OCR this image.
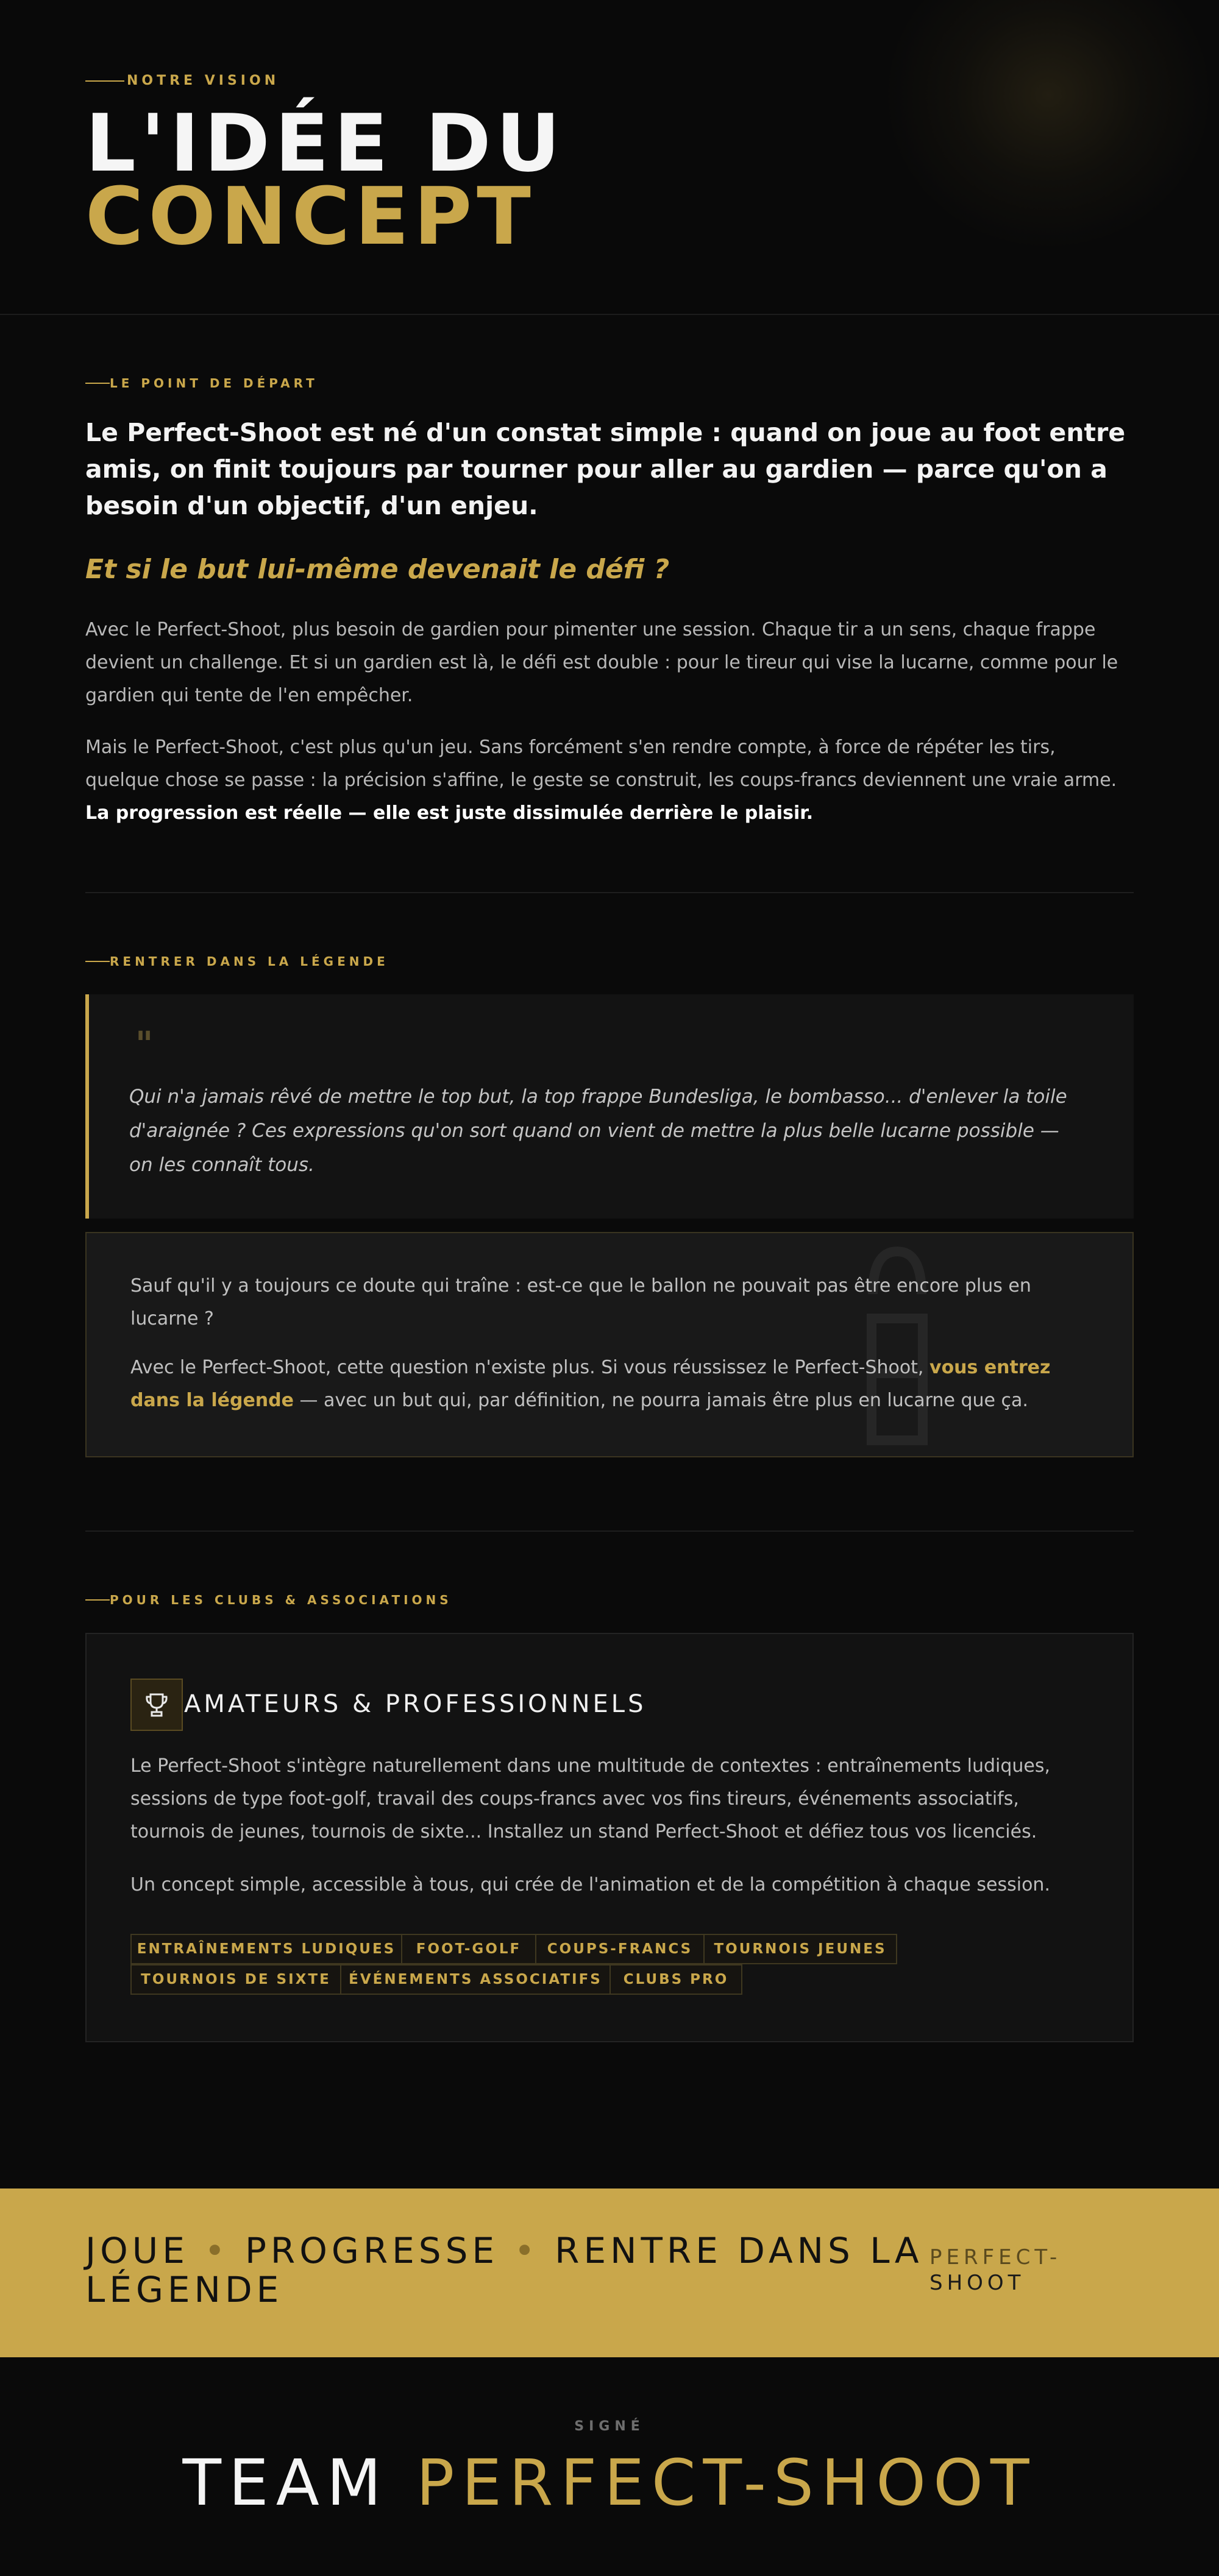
NOTRE VISION
L'IDÉE DU
CONCEPT
LE POINT DE DÉPART
Le Perfect-Shoot est né d'un constat simple : quand on joue au foot entre amis, on finit toujours par tourner pour aller au gardien — parce qu'on a besoin d'un objectif, d'un enjeu.
Et si le but lui-même devenait le défi ?
Avec le Perfect-Shoot, plus besoin de gardien pour pimenter une session. Chaque tir a un sens, chaque frappe devient un challenge. Et si un gardien est là, le défi est double : pour le tireur qui vise la lucarne, comme pour le gardien qui tente de l'en empêcher.
Mais le Perfect-Shoot, c'est plus qu'un jeu. Sans forcément s'en rendre compte, à force de répéter les tirs, quelque chose se passe : la précision s'affine, le geste se construit, les coups-francs deviennent une vraie arme. La progression est réelle — elle est juste dissimulée derrière le plaisir.
RENTRER DANS LA LÉGENDE
"
Qui n'a jamais rêvé de mettre le top but, la top frappe Bundesliga, le bombasso... d'enlever la toile d'araignée ? Ces expressions qu'on sort quand on vient de mettre la plus belle lucarne possible — on les connaît tous.
Sauf qu'il y a toujours ce doute qui traîne : est-ce que le ballon ne pouvait pas être encore plus en lucarne ?
Avec le Perfect-Shoot, cette question n'existe plus. Si vous réussissez le Perfect-Shoot, vous entrez dans la légende — avec un but qui, par définition, ne pourra jamais être plus en lucarne que ça.
POUR LES CLUBS & ASSOCIATIONS
AMATEURS & PROFESSIONNELS
Le Perfect-Shoot s'intègre naturellement dans une multitude de contextes : entraînements ludiques, sessions de type foot-golf, travail des coups-francs avec vos fins tireurs, événements associatifs, tournois de jeunes, tournois de sixte... Installez un stand Perfect-Shoot et défiez tous vos licenciés.
Un concept simple, accessible à tous, qui crée de l'animation et de la compétition à chaque session.
ENTRAÎNEMENTS LUDIQUES	FOOT-GOLF	COUPS-FRANCS	TOURNOIS JEUNES
TOURNOIS DE SIXTE	ÉVÉNEMENTS ASSOCIATIFS	CLUBS PRO
JOUE • PROGRESSE • RENTRE DANS LA LÉGENDE
PERFECT-
SHOOT
SIGNÉ
TEAM PERFECT-SHOOT
